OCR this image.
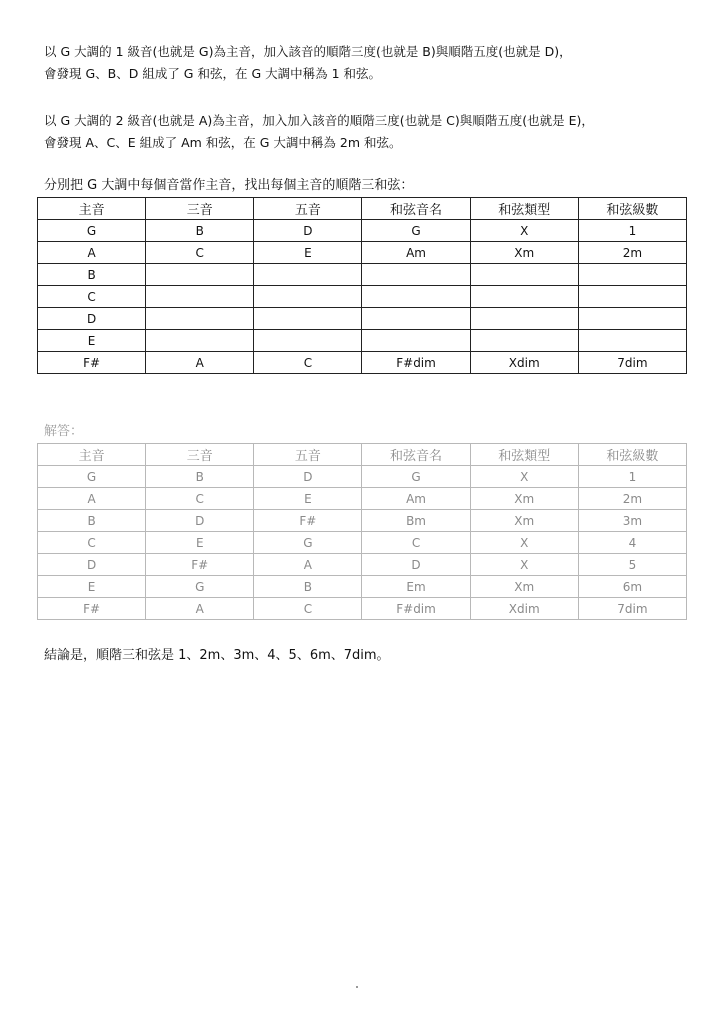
以 G 大調的 1 級音(也就是 G)為主音，加入該音的順階三度(也就是 B)與順階五度(也就是 D)，

會發現 G、B、D 組成了 G 和弦，在 G 大調中稱為 1 和弦。

以 G 大調的 2 級音(也就是 A)為主音，加入加入該音的順階三度(也就是 C)與順階五度(也就是 E)，

會發現 A、C、E 組成了 Am 和弦，在 G 大調中稱為 2m 和弦。

分別把 G 大調中每個音當作主音，找出每個主音的順階三和弦：
主音	三音	五音	和弦音名	和弦類型	和弦級數
G	B	D	G	X	1
A	C	E	Am	Xm	2m
B					
C					
D					
E					
F#	A	C	F#dim	Xdim	7dim
解答：
主音	三音	五音	和弦音名	和弦類型	和弦級數
G	B	D	G	X	1
A	C	E	Am	Xm	2m
B	D	F#	Bm	Xm	3m
C	E	G	C	X	4
D	F#	A	D	X	5
E	G	B	Em	Xm	6m
F#	A	C	F#dim	Xdim	7dim
結論是，順階三和弦是 1、2m、3m、4、5、6m、7dim。
